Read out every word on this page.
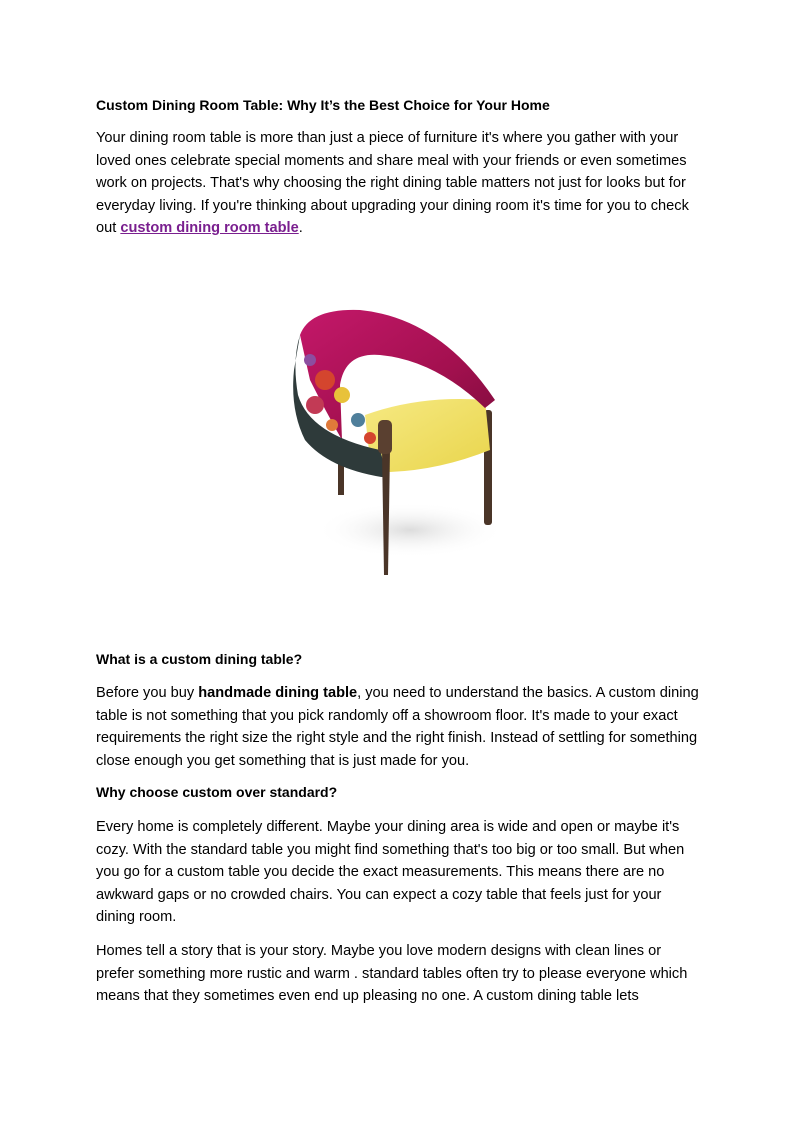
Custom Dining Room Table: Why It’s the Best Choice for Your Home

Your dining room table is more than just a piece of furniture it's where you gather with your loved ones celebrate special moments and share meal with your friends or even sometimes work on projects. That's why choosing the right dining table matters not just for looks but for everyday living. If you're thinking about upgrading your dining room it's time for you to check out custom dining room table.

What is a custom dining table?

Before you buy handmade dining table, you need to understand the basics. A custom dining table is not something that you pick randomly off a showroom floor. It's made to your exact requirements the right size the right style and the right finish. Instead of settling for something close enough you get something that is just made for you.

Why choose custom over standard?

Every home is completely different. Maybe your dining area is wide and open or maybe it's cozy. With the standard table you might find something that's too big or too small. But when you go for a custom table you decide the exact measurements. This means there are no awkward gaps or no crowded chairs. You can expect a cozy table that feels just for your dining room.

Homes tell a story that is your story. Maybe you love modern designs with clean lines or prefer something more rustic and warm . standard tables often try to please everyone which means that they sometimes even end up pleasing no one. A custom dining table lets
